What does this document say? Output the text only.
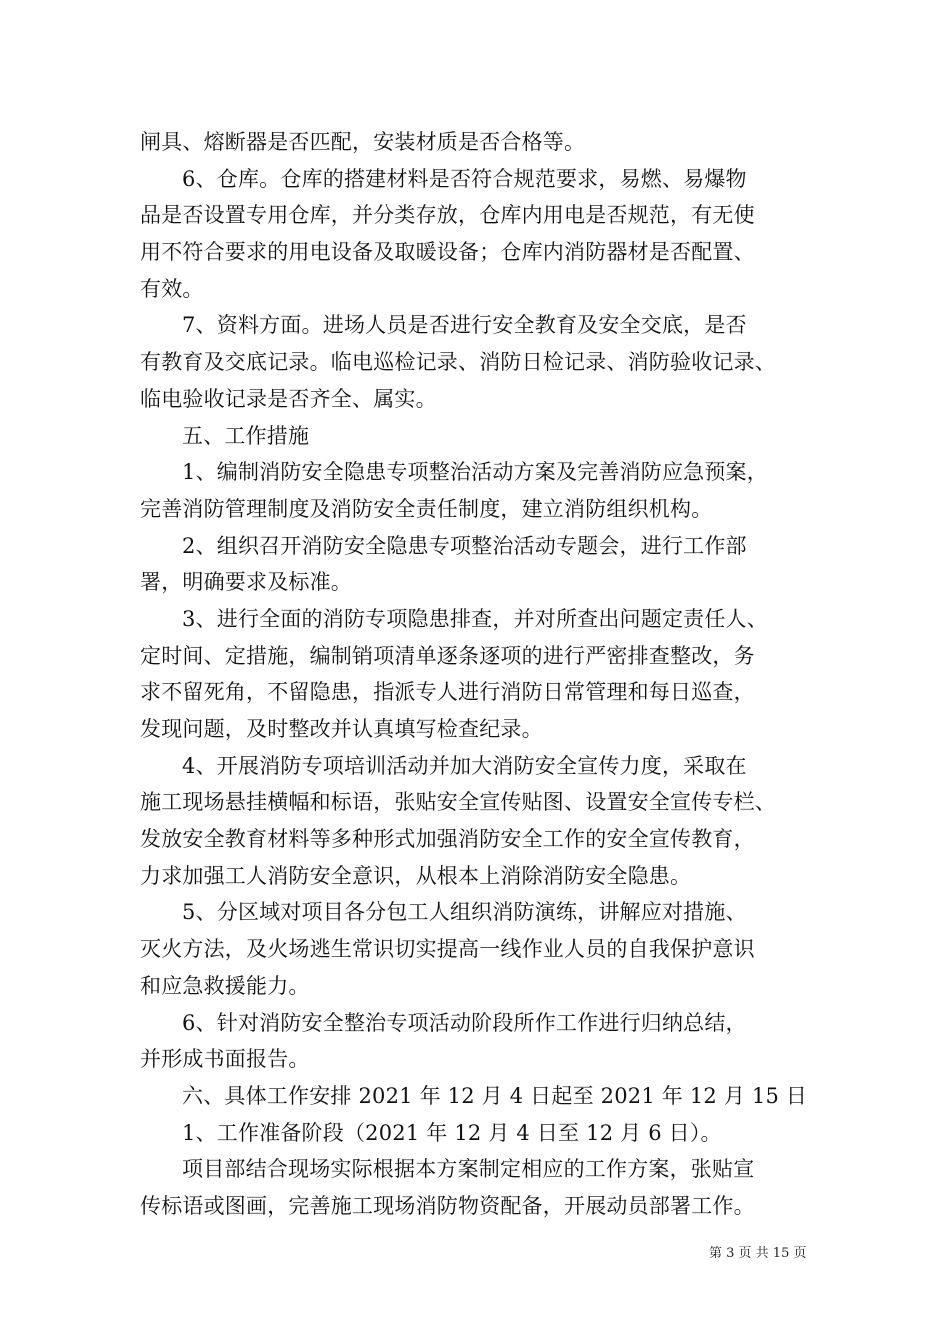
闸具、熔断器是否匹配，安装材质是否合格等。
6、仓库。仓库的搭建材料是否符合规范要求，易燃、易爆物
品是否设置专用仓库，并分类存放，仓库内用电是否规范，有无使
用不符合要求的用电设备及取暖设备；仓库内消防器材是否配置、
有效。
7、资料方面。进场人员是否进行安全教育及安全交底，是否
有教育及交底记录。临电巡检记录、消防日检记录、消防验收记录、
临电验收记录是否齐全、属实。
五、工作措施
1、编制消防安全隐患专项整治活动方案及完善消防应急预案，
完善消防管理制度及消防安全责任制度，建立消防组织机构。
2、组织召开消防安全隐患专项整治活动专题会，进行工作部
署，明确要求及标准。
3、进行全面的消防专项隐患排查，并对所查出问题定责任人、
定时间、定措施，编制销项清单逐条逐项的进行严密排查整改，务
求不留死角，不留隐患，指派专人进行消防日常管理和每日巡查，
发现问题，及时整改并认真填写检查纪录。
4、开展消防专项培训活动并加大消防安全宣传力度，采取在
施工现场悬挂横幅和标语，张贴安全宣传贴图、设置安全宣传专栏、
发放安全教育材料等多种形式加强消防安全工作的安全宣传教育，
力求加强工人消防安全意识，从根本上消除消防安全隐患。
5、分区域对项目各分包工人组织消防演练，讲解应对措施、
灭火方法，及火场逃生常识切实提高一线作业人员的自我保护意识
和应急救援能力。
6、针对消防安全整治专项活动阶段所作工作进行归纳总结，
并形成书面报告。
六、具体工作安排 2021 年 12 月 4 日起至 2021 年 12 月 15 日
1、工作准备阶段（2021 年 12 月 4 日至 12 月 6 日）。
项目部结合现场实际根据本方案制定相应的工作方案，张贴宣
传标语或图画，完善施工现场消防物资配备，开展动员部署工作。
第 3 页 共 15 页
